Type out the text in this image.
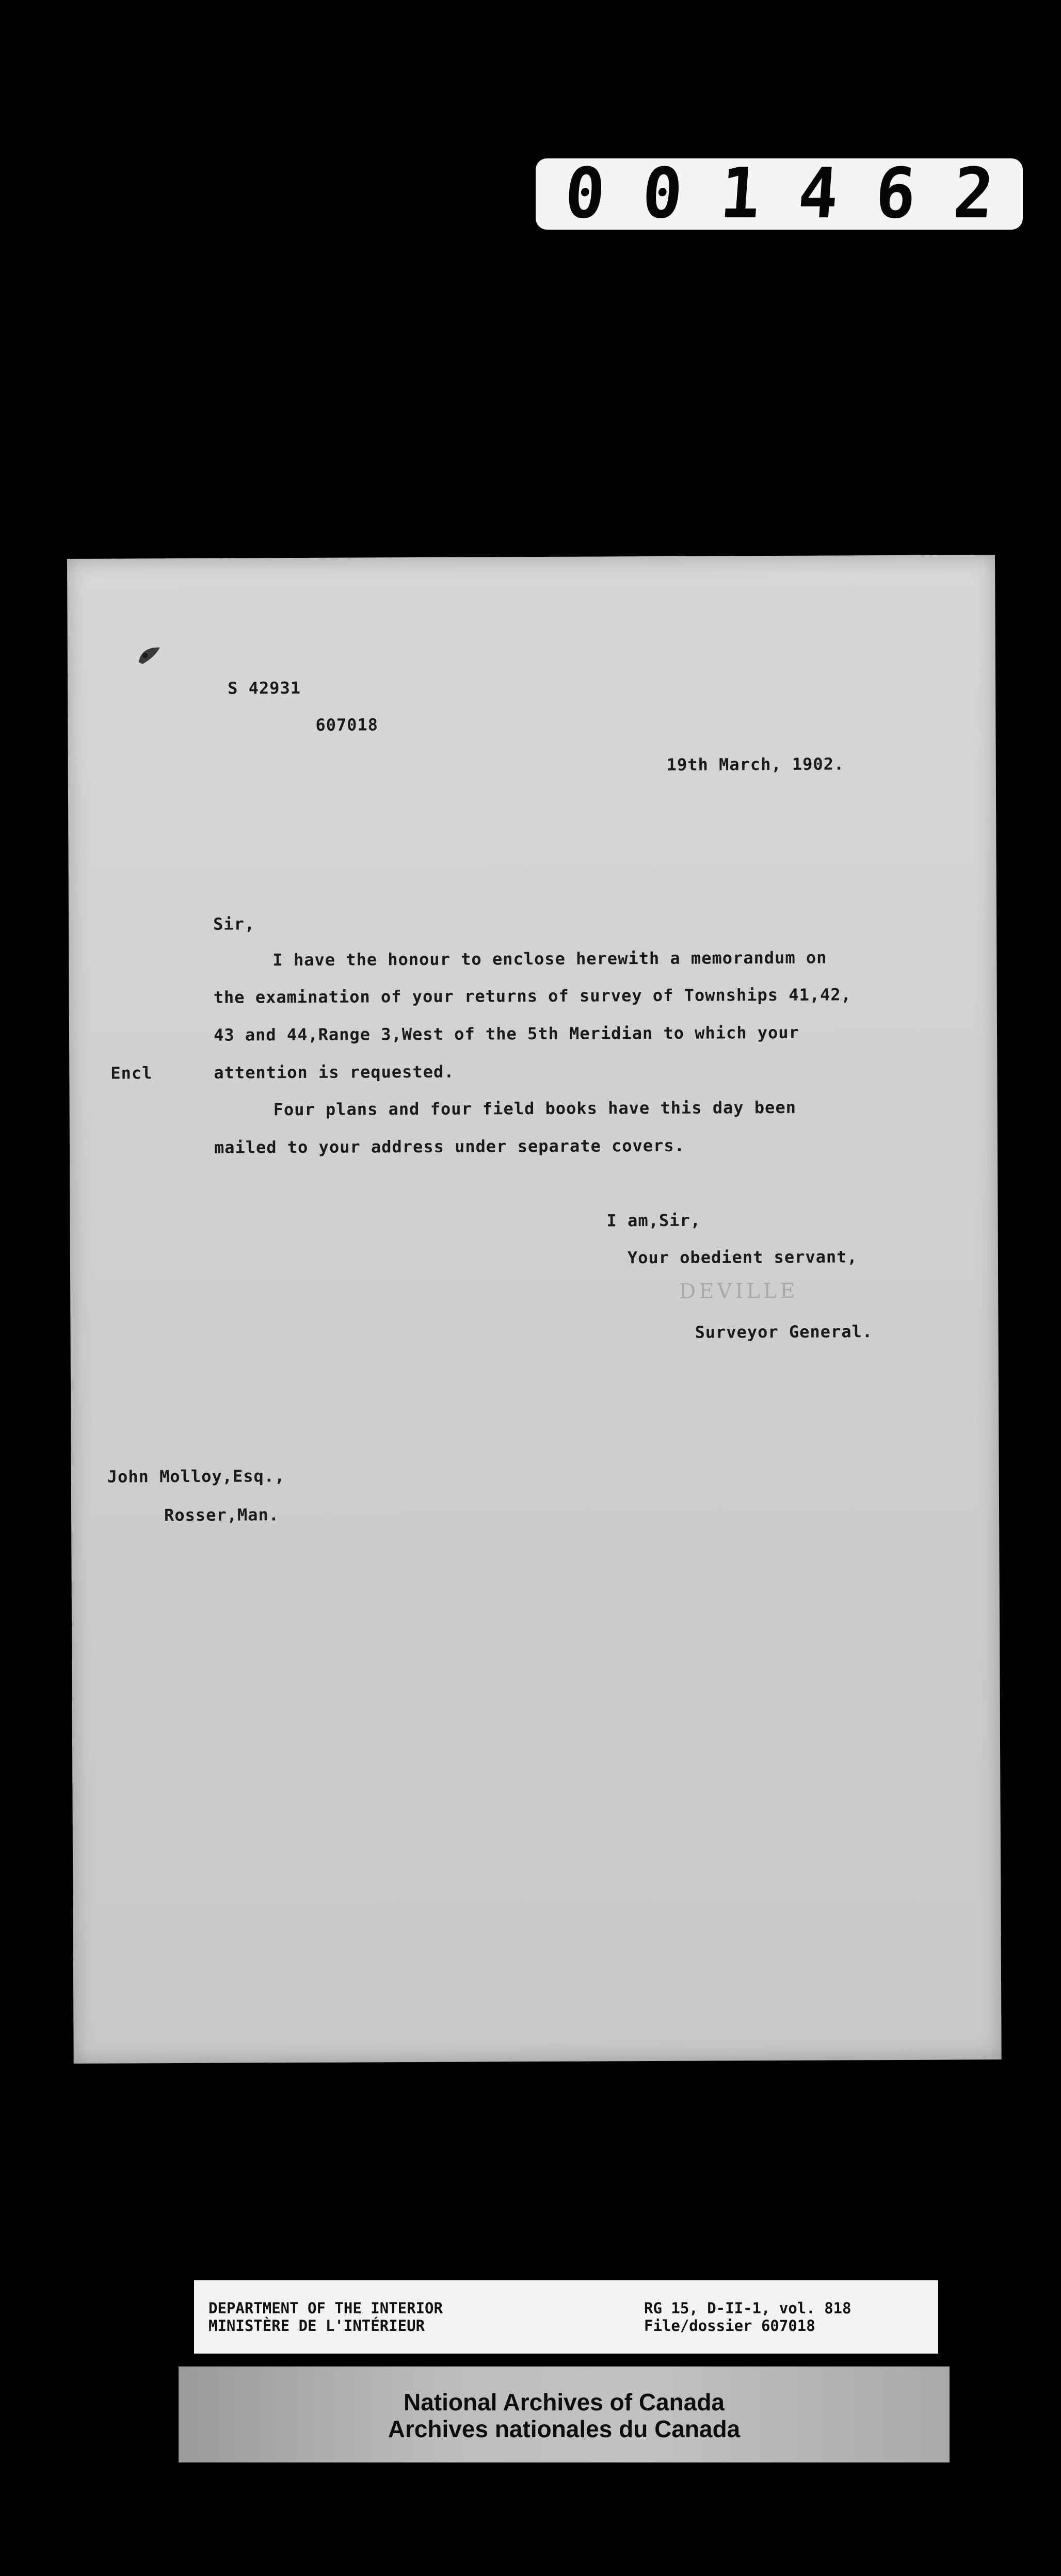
0 0 1 4 6 2
S 42931
607018
19th March, 1902.
Sir,
I have the honour to enclose herewith a memorandum on
the examination of your returns of survey of Townships 41,42,
43 and 44,Range 3,West of the 5th Meridian to which your
Encl	attention is requested.
Four plans and four field books have this day been
mailed to your address under separate covers.
I am,Sir,
Your obedient servant,
DEVILLE
Surveyor General.
John Molloy,Esq.,
Rosser,Man.
DEPARTMENT OF THE INTERIOR
MINISTÈRE DE L'INTÉRIEUR
RG 15, D-II-1, vol. 818
File/dossier 607018
National Archives of Canada
Archives nationales du Canada
